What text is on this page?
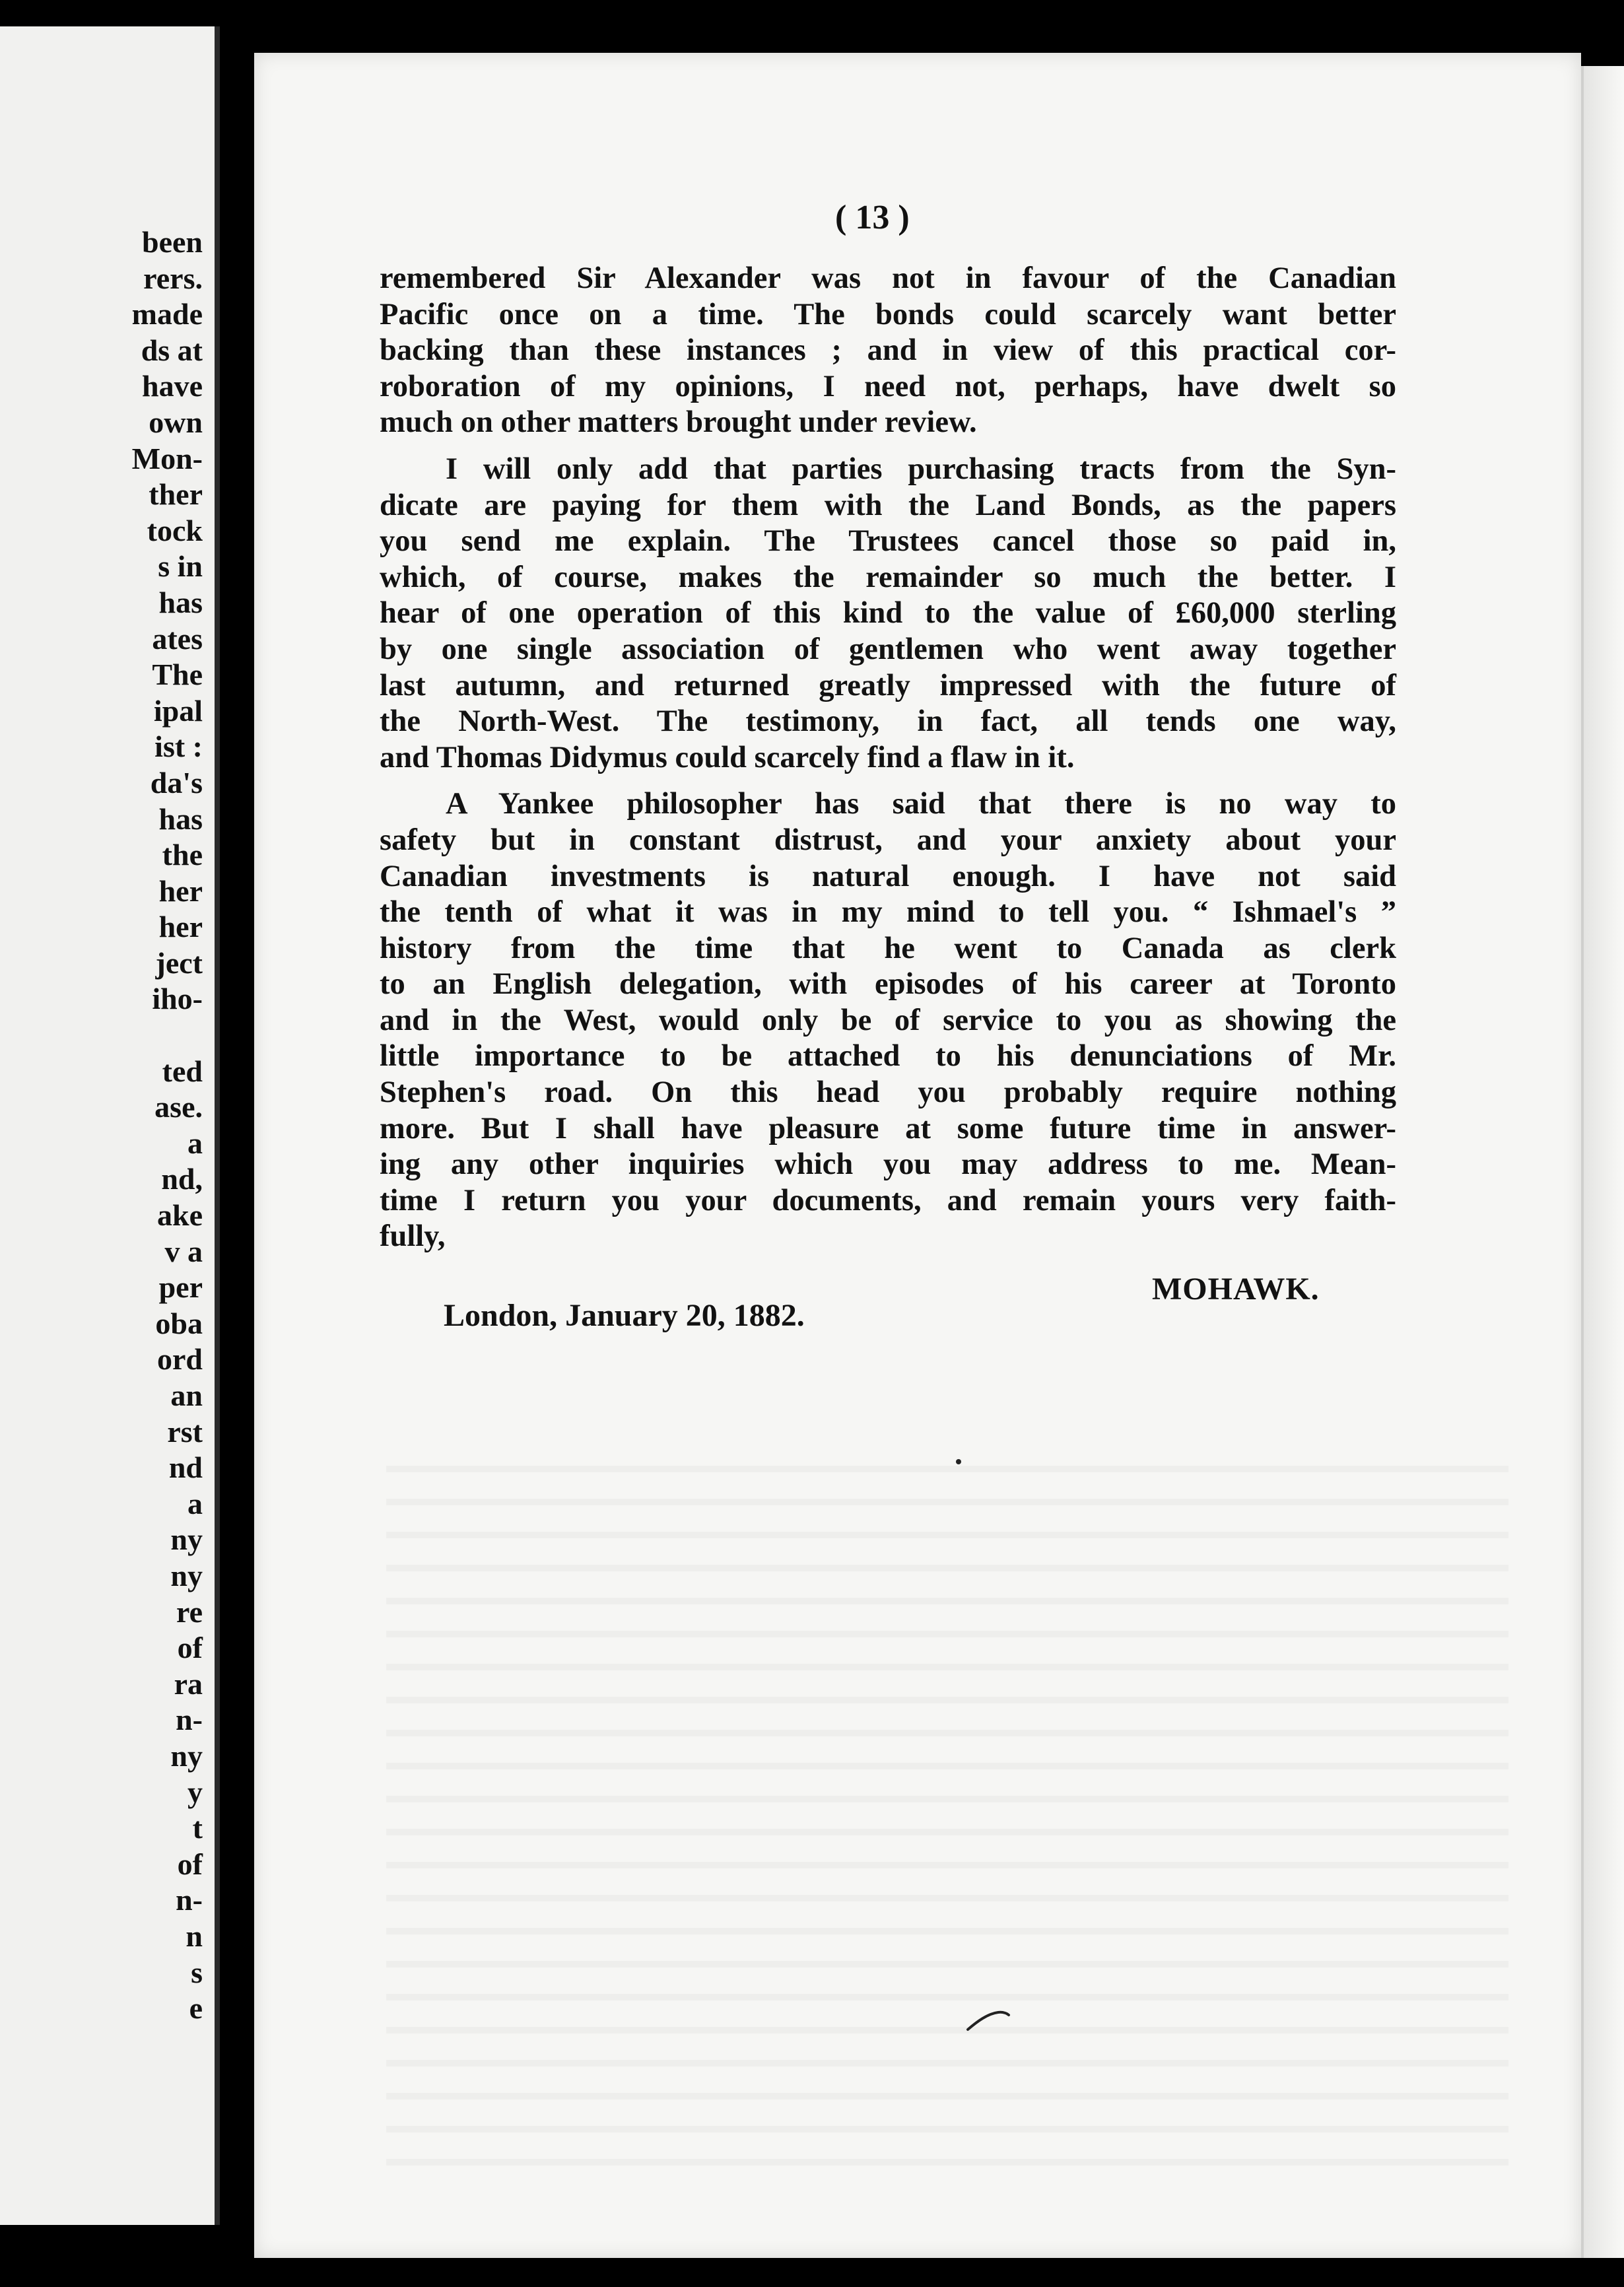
been
rers.
made
ds at
have
own
Mon-
ther
tock
s in
has
ates
The
ipal
ist :
da's
has
the
her
her
ject
iho-

ted
ase.
a
nd,
ake
v a
per
oba
ord
an
rst
nd
a
ny
ny
re
of
ra
n-
ny
y
t
of
n-
n
s
e

( 13 )

remembered Sir Alexander was not in favour of the Canadian
Pacific once on a time. The bonds could scarcely want better
backing than these instances ; and in view of this practical cor-
roboration of my opinions, I need not, perhaps, have dwelt so
much on other matters brought under review.
I will only add that parties purchasing tracts from the Syn-
dicate are paying for them with the Land Bonds, as the papers
you send me explain. The Trustees cancel those so paid in,
which, of course, makes the remainder so much the better. I
hear of one operation of this kind to the value of £60,000 sterling
by one single association of gentlemen who went away together
last autumn, and returned greatly impressed with the future of
the North-West. The testimony, in fact, all tends one way,
and Thomas Didymus could scarcely find a flaw in it.
A Yankee philosopher has said that there is no way to
safety but in constant distrust, and your anxiety about your
Canadian investments is natural enough. I have not said
the tenth of what it was in my mind to tell you. “ Ishmael's ”
history from the time that he went to Canada as clerk
to an English delegation, with episodes of his career at Toronto
and in the West, would only be of service to you as showing the
little importance to be attached to his denunciations of Mr.
Stephen's road. On this head you probably require nothing
more. But I shall have pleasure at some future time in answer-
ing any other inquiries which you may address to me. Mean-
time I return you your documents, and remain yours very faith-
fully,

MOHAWK.

London, January 20, 1882.
